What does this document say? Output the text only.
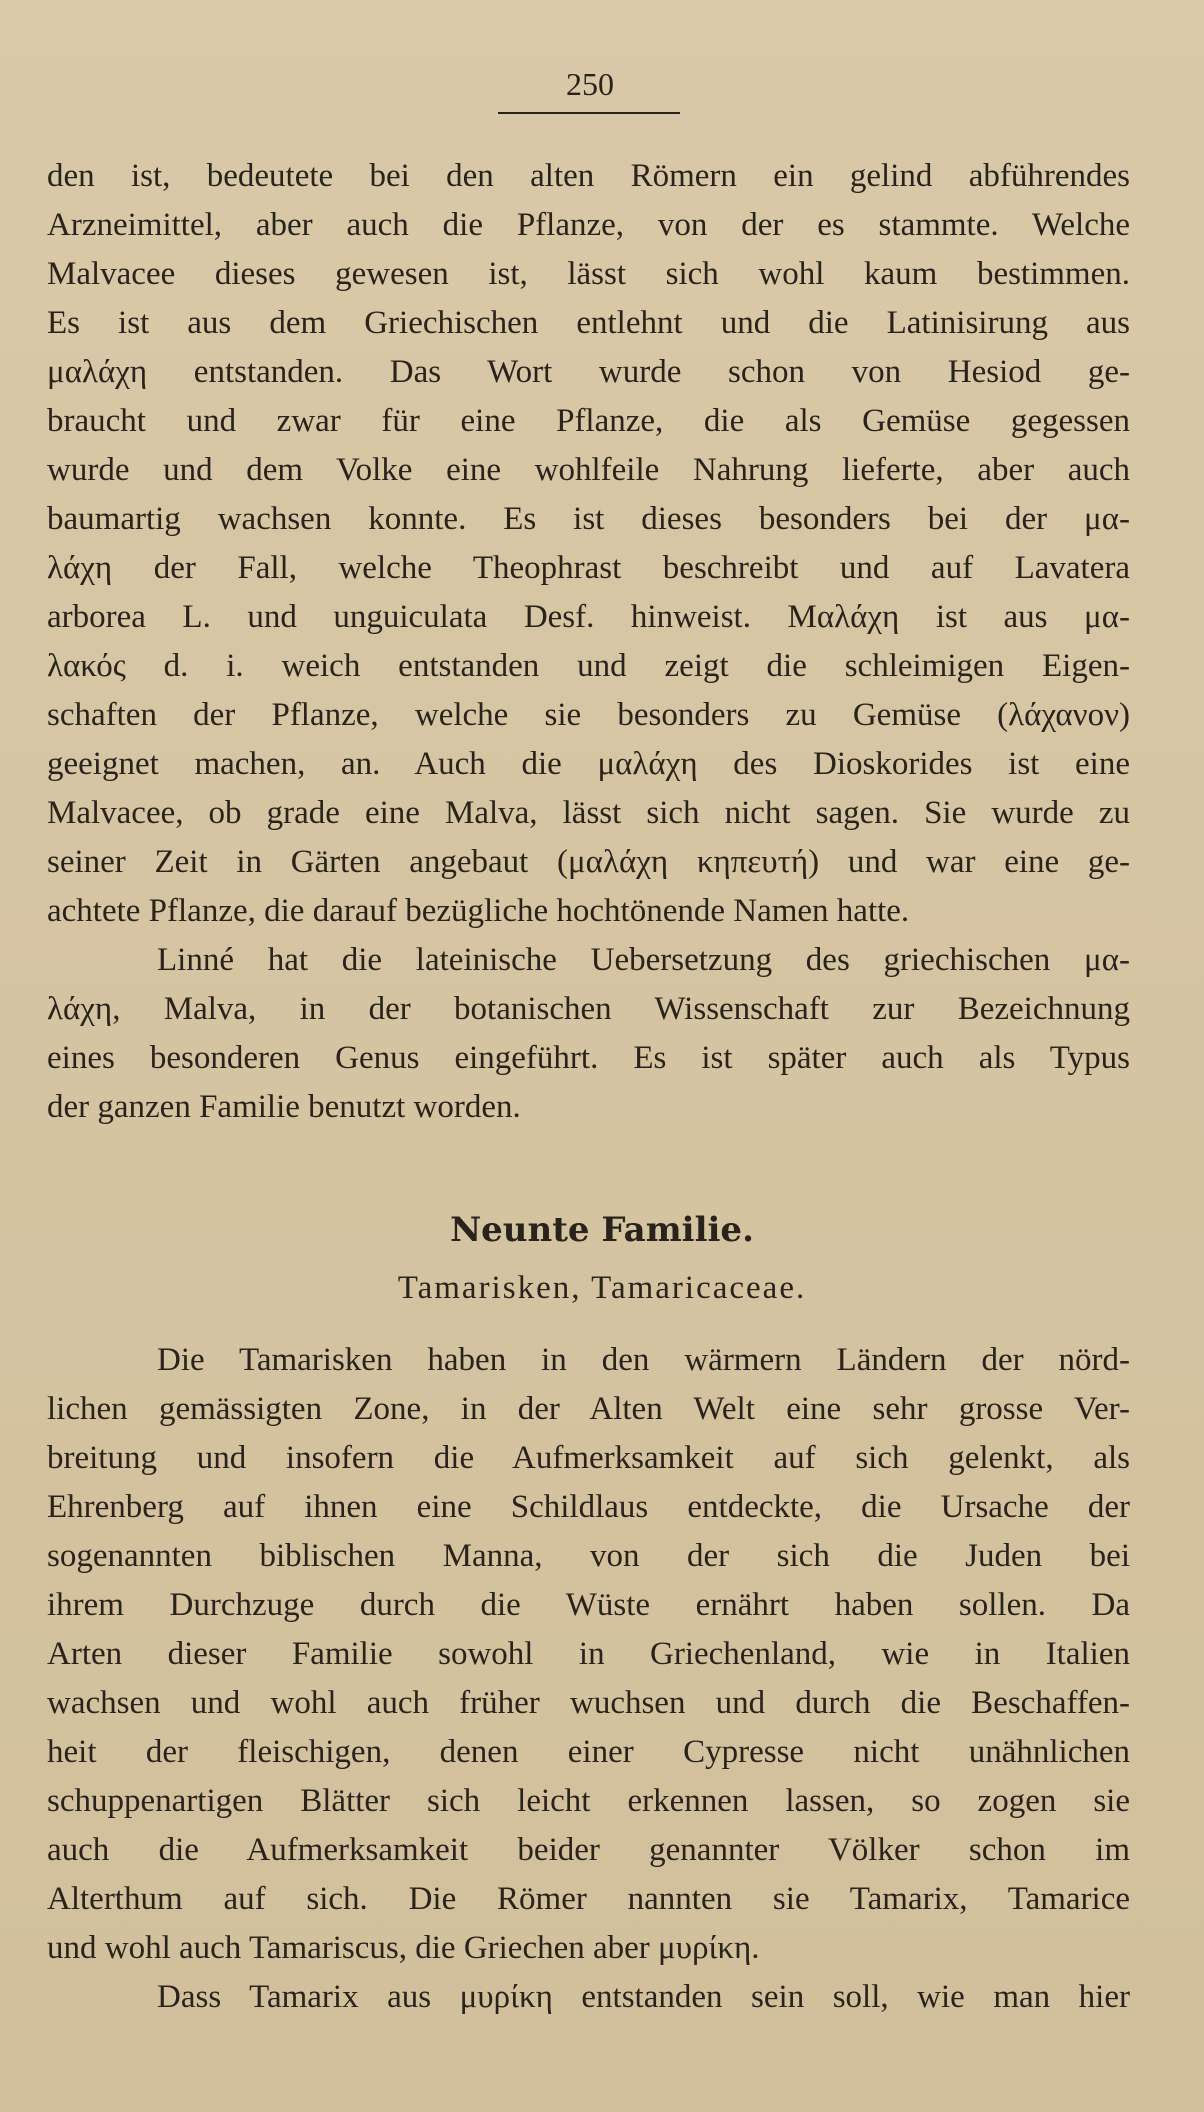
250
den ist, bedeutete bei den alten Römern ein gelind abführendes
Arzneimittel, aber auch die Pflanze, von der es stammte. Welche
Malvacee dieses gewesen ist, lässt sich wohl kaum bestimmen.
Es ist aus dem Griechischen entlehnt und die Latinisirung aus
μαλάχη entstanden. Das Wort wurde schon von Hesiod ge-
braucht und zwar für eine Pflanze, die als Gemüse gegessen
wurde und dem Volke eine wohlfeile Nahrung lieferte, aber auch
baumartig wachsen konnte. Es ist dieses besonders bei der μα-
λάχη der Fall, welche Theophrast beschreibt und auf Lavatera
arborea L. und unguiculata Desf. hinweist. Μαλάχη ist aus μα-
λακός d. i. weich entstanden und zeigt die schleimigen Eigen-
schaften der Pflanze, welche sie besonders zu Gemüse (λάχανον)
geeignet machen, an. Auch die μαλάχη des Dioskorides ist eine
Malvacee, ob grade eine Malva, lässt sich nicht sagen. Sie wurde zu
seiner Zeit in Gärten angebaut (μαλάχη κηπευτή) und war eine ge-
achtete Pflanze, die darauf bezügliche hochtönende Namen hatte.
Linné hat die lateinische Uebersetzung des griechischen μα-
λάχη, Malva, in der botanischen Wissenschaft zur Bezeichnung
eines besonderen Genus eingeführt. Es ist später auch als Typus
der ganzen Familie benutzt worden.
Neunte Familie.
Tamarisken, Tamaricaceae.
Die Tamarisken haben in den wärmern Ländern der nörd-
lichen gemässigten Zone, in der Alten Welt eine sehr grosse Ver-
breitung und insofern die Aufmerksamkeit auf sich gelenkt, als
Ehrenberg auf ihnen eine Schildlaus entdeckte, die Ursache der
sogenannten biblischen Manna, von der sich die Juden bei
ihrem Durchzuge durch die Wüste ernährt haben sollen. Da
Arten dieser Familie sowohl in Griechenland, wie in Italien
wachsen und wohl auch früher wuchsen und durch die Beschaffen-
heit der fleischigen, denen einer Cypresse nicht unähnlichen
schuppenartigen Blätter sich leicht erkennen lassen, so zogen sie
auch die Aufmerksamkeit beider genannter Völker schon im
Alterthum auf sich. Die Römer nannten sie Tamarix, Tamarice
und wohl auch Tamariscus, die Griechen aber μυρίκη.
Dass Tamarix aus μυρίκη entstanden sein soll, wie man hier
